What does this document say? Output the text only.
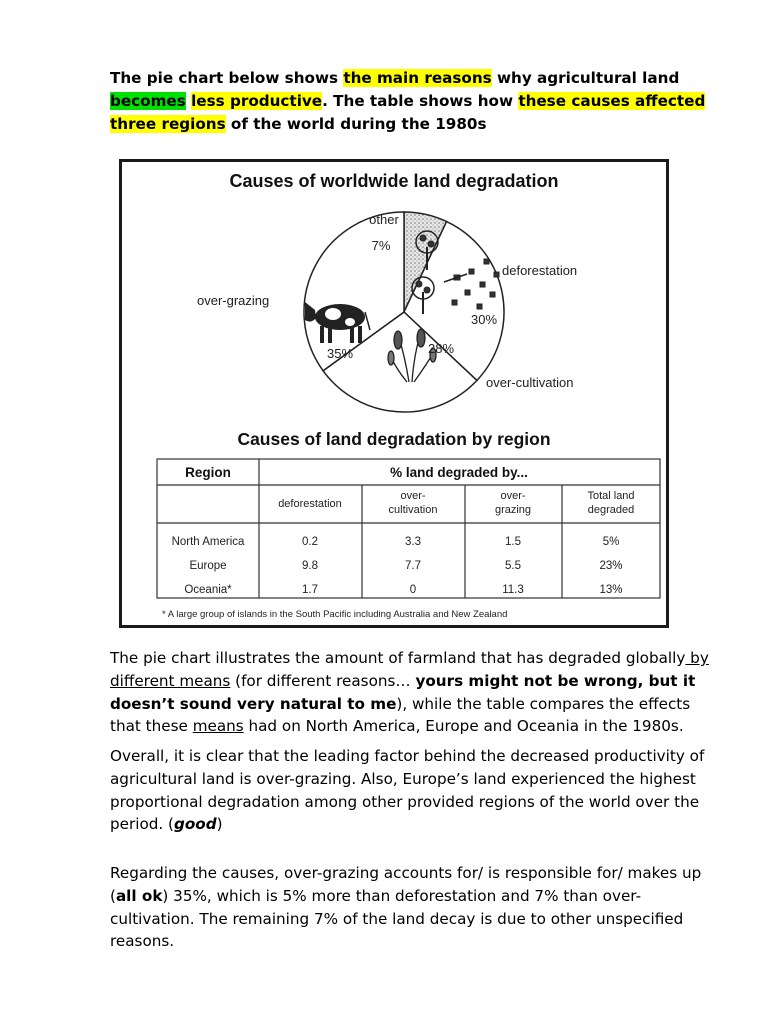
The pie chart below shows the main reasons why agricultural land becomes less productive. The table shows how these causes affected three regions of the world during the 1980s

Causes of worldwide land degradation
other
7%
deforestation
30%
over-cultivation
28%
over-grazing
35%
Causes of land degradation by region
Region	% land degraded by...
deforestation
over-
cultivation
over-
grazing
Total land
degraded
North America	0.2	3.3	1.5	5%
Europe	9.8	7.7	5.5	23%
Oceania*	1.7	0	11.3	13%
* A large group of islands in the South Pacific including Australia and New Zealand

The pie chart illustrates the amount of farmland that has degraded globally by different means (for different reasons… yours might not be wrong, but it doesn’t sound very natural to me), while the table compares the effects that these means had on North America, Europe and Oceania in the 1980s.

Overall, it is clear that the leading factor behind the decreased productivity of agricultural land is over-grazing. Also, Europe’s land experienced the highest proportional degradation among other provided regions of the world over the period. (good)

Regarding the causes, over-grazing accounts for/ is responsible for/ makes up (all ok) 35%, which is 5% more than deforestation and 7% than over-cultivation. The remaining 7% of the land decay is due to other unspecified reasons.
